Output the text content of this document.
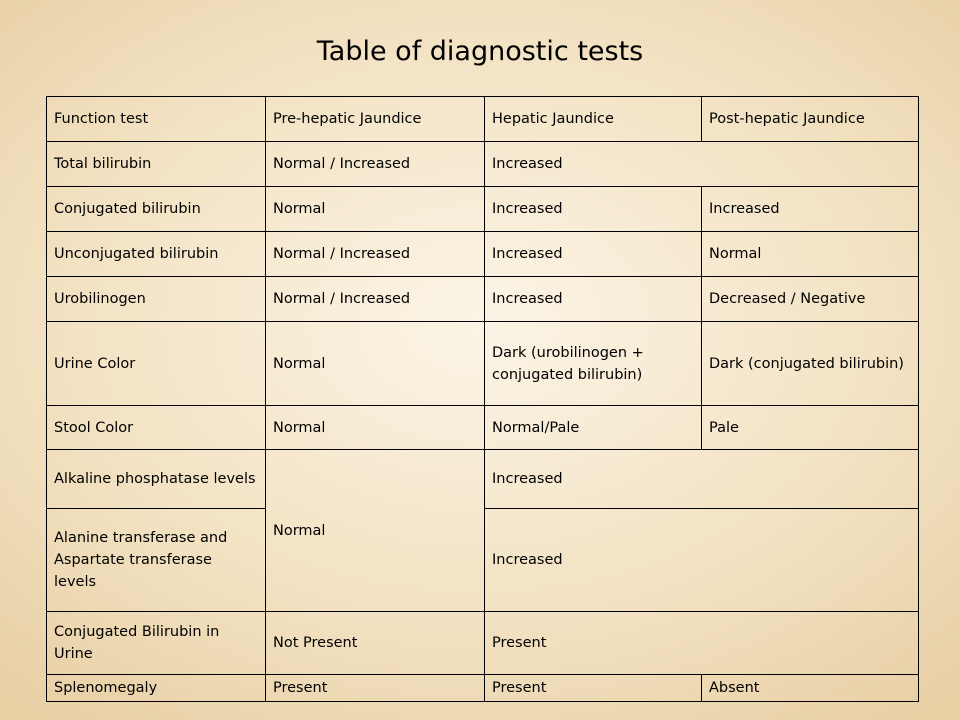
Table of diagnostic tests
Function test	Pre-hepatic Jaundice	Hepatic Jaundice	Post-hepatic Jaundice
Total bilirubin	Normal / Increased	Increased	
Conjugated bilirubin	Normal	Increased	Increased
Unconjugated bilirubin	Normal / Increased	Increased	Normal
Urobilinogen	Normal / Increased	Increased	Decreased / Negative
Urine Color	Normal	Dark (urobilinogen + conjugated bilirubin)	Dark (conjugated bilirubin)
Stool Color	Normal	Normal/Pale	Pale
Alkaline phosphatase levels	Normal	Increased	
Alanine transferase and Aspartate transferase levels		Increased	
Conjugated Bilirubin in Urine	Not Present	Present	
Splenomegaly	Present	Present	Absent
